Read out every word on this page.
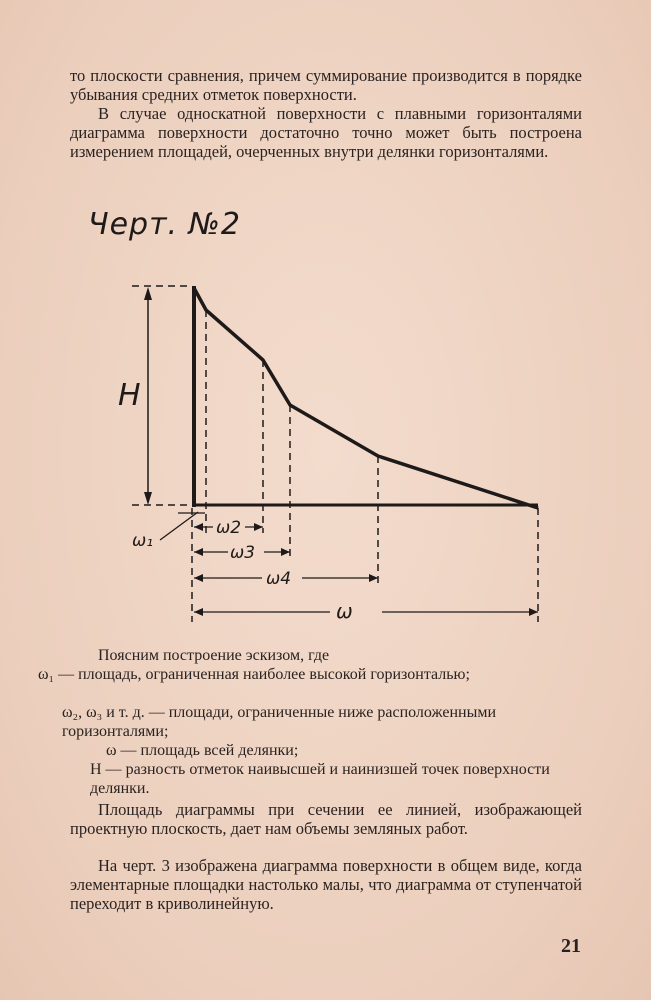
то плоскости сравнения, причем суммирование производится в порядке убывания средних отметок поверхности.

В случае односкатной поверхности с плавными горизонталями диаграмма поверхности достаточно точно может быть построена измерением площадей, очерченных внутри делянки горизонталями.

Черт. №2
H
ω₁
ω2
ω3
ω4
ω

Поясним построение эскизом, где

ω₁ — площадь, ограниченная наиболее высокой горизонталью;
ω₂, ω₃ и т. д. — площади, ограниченные ниже расположенными горизонталями;
ω — площадь всей делянки;
H — разность отметок наивысшей и наинизшей точек поверхности делянки.

Площадь диаграммы при сечении ее линией, изображающей проектную плоскость, дает нам объемы земляных работ.

На черт. 3 изображена диаграмма поверхности в общем виде, когда элементарные площадки настолько малы, что диаграмма от ступенчатой переходит в криволинейную.

21
